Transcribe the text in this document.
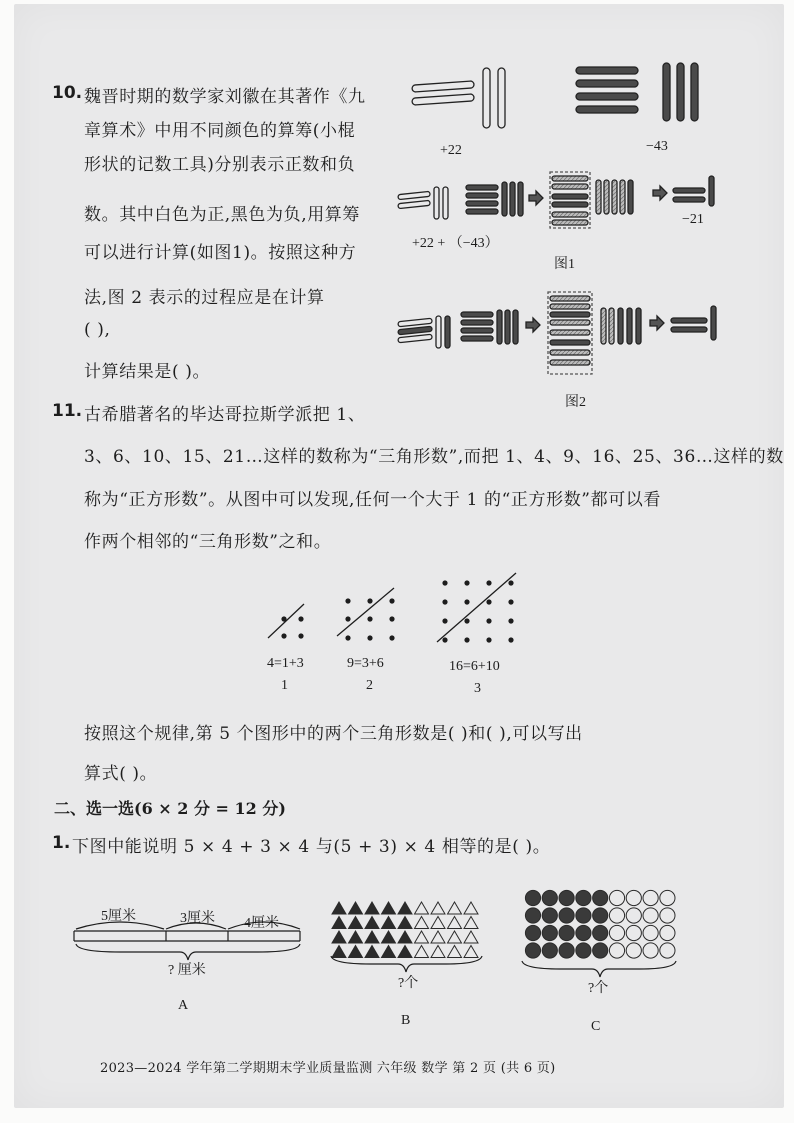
10. 魏晋时期的数学家刘徽在其著作《九
章算术》中用不同颜色的算筹(小棍
形状的记数工具)分别表示正数和负
数。其中白色为正,黑色为负,用算筹
可以进行计算(如图1)。按照这种方
法,图 2 表示的过程应是在计算
( ),
计算结果是( )。
+22	−43
+22 + （−43）
−21
图1
图2
11. 古希腊著名的毕达哥拉斯学派把 1、
3、6、10、15、21…这样的数称为“三角形数”,而把 1、4、9、16、25、36…这样的数
称为“正方形数”。从图中可以发现,任何一个大于 1 的“正方形数”都可以看
作两个相邻的“三角形数”之和。
4=1+3
1
9=3+6
2
16=6+10
3
按照这个规律,第 5 个图形中的两个三角形数是( )和( ),可以写出
算式( )。
二、选一选(6 × 2 分 = 12 分)
1. 下图中能说明 5 × 4 + 3 × 4 与(5 + 3) × 4 相等的是( )。
5厘米	3厘米 4厘米
? 厘米
A
?个
B
?个
C
2023—2024 学年第二学期期末学业质量监测 六年级 数学 第 2 页 (共 6 页)
